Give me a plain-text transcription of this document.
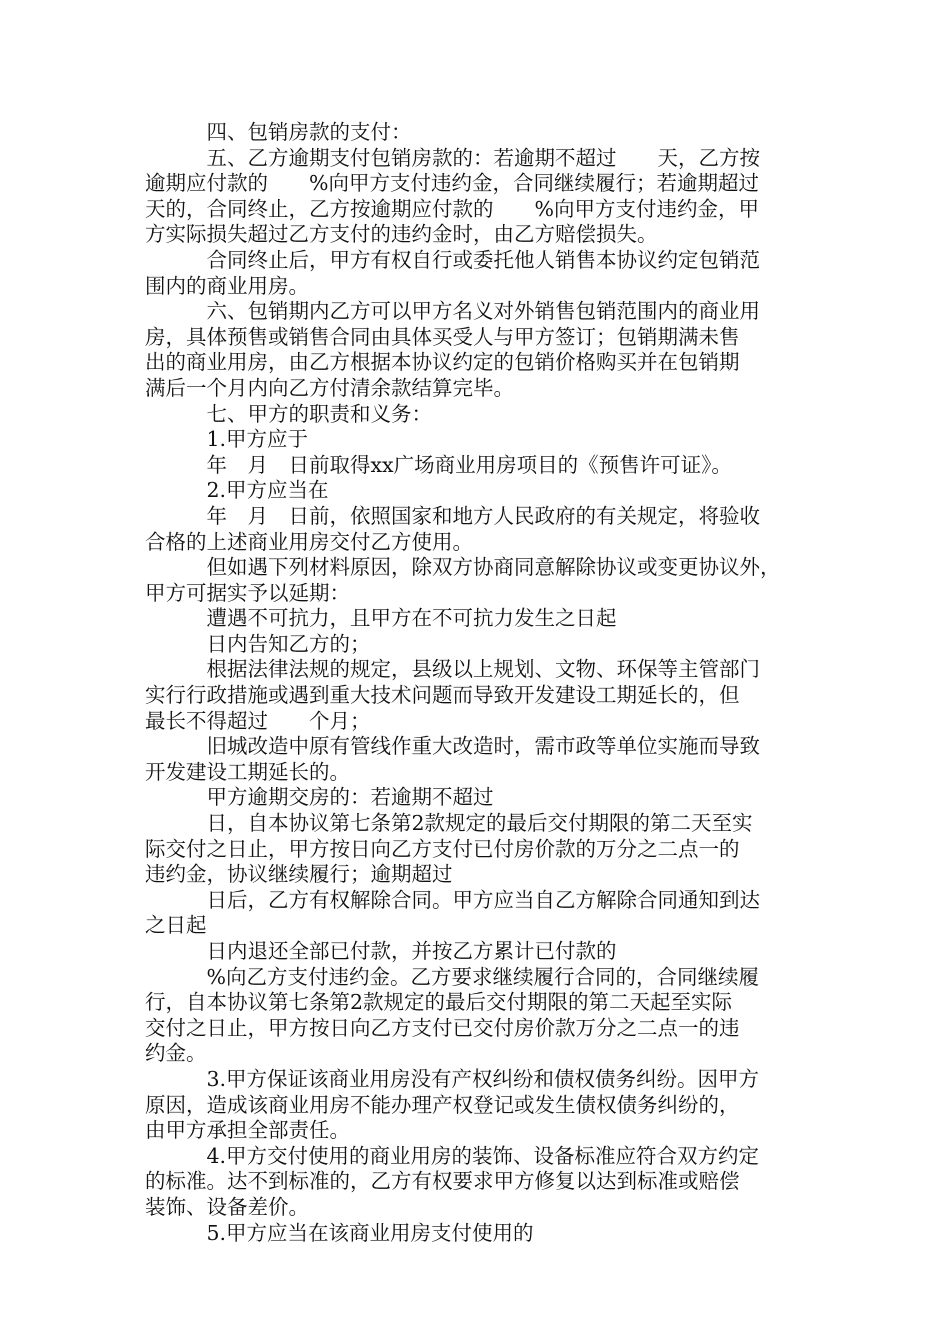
　　　四、包销房款的支付：
　　　五、乙方逾期支付包销房款的：若逾期不超过　　天，乙方按
逾期应付款的　　%向甲方支付违约金，合同继续履行；若逾期超过
天的，合同终止，乙方按逾期应付款的　　%向甲方支付违约金，甲
方实际损失超过乙方支付的违约金时，由乙方赔偿损失。
　　　合同终止后，甲方有权自行或委托他人销售本协议约定包销范
围内的商业用房。
　　　六、包销期内乙方可以甲方名义对外销售包销范围内的商业用
房，具体预售或销售合同由具体买受人与甲方签订；包销期满未售
出的商业用房，由乙方根据本协议约定的包销价格购买并在包销期
满后一个月内向乙方付清余款结算完毕。
　　　七、甲方的职责和义务：
　　　1.甲方应于
　　　年　月　日前取得xx广场商业用房项目的《预售许可证》。
　　　2.甲方应当在
　　　年　月　日前，依照国家和地方人民政府的有关规定，将验收
合格的上述商业用房交付乙方使用。
　　　但如遇下列材料原因，除双方协商同意解除协议或变更协议外，
甲方可据实予以延期：
　　　遭遇不可抗力，且甲方在不可抗力发生之日起
　　　日内告知乙方的；
　　　根据法律法规的规定，县级以上规划、文物、环保等主管部门
实行行政措施或遇到重大技术问题而导致开发建设工期延长的，但
最长不得超过　　个月；
　　　旧城改造中原有管线作重大改造时，需市政等单位实施而导致
开发建设工期延长的。
　　　甲方逾期交房的：若逾期不超过
　　　日，自本协议第七条第2款规定的最后交付期限的第二天至实
际交付之日止，甲方按日向乙方支付已付房价款的万分之二点一的
违约金，协议继续履行；逾期超过
　　　日后，乙方有权解除合同。甲方应当自乙方解除合同通知到达
之日起
　　　日内退还全部已付款，并按乙方累计已付款的
　　　%向乙方支付违约金。乙方要求继续履行合同的，合同继续履
行，自本协议第七条第2款规定的最后交付期限的第二天起至实际
交付之日止，甲方按日向乙方支付已交付房价款万分之二点一的违
约金。
　　　3.甲方保证该商业用房没有产权纠纷和债权债务纠纷。因甲方
原因，造成该商业用房不能办理产权登记或发生债权债务纠纷的，
由甲方承担全部责任。
　　　4.甲方交付使用的商业用房的装饰、设备标准应符合双方约定
的标准。达不到标准的，乙方有权要求甲方修复以达到标准或赔偿
装饰、设备差价。
　　　5.甲方应当在该商业用房支付使用的
